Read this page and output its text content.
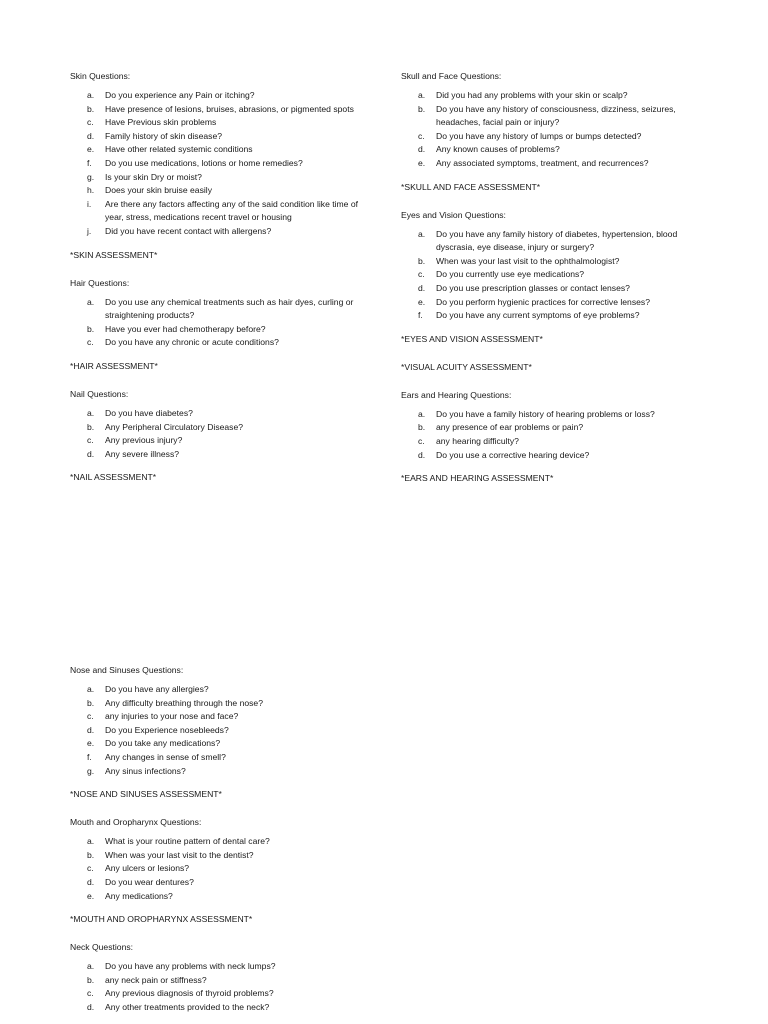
Skin Questions:

a.	Do you experience any Pain or itching?
b.	Have presence of lesions, bruises, abrasions, or pigmented spots
c.	Have Previous skin problems
d.	Family history of skin disease?
e.	Have other related systemic conditions
f.	Do you use medications, lotions or home remedies?
g.	Is your skin Dry or moist?
h.	Does your skin bruise easily
i.	Are there any factors affecting any of the said condition like time of year, stress, medications recent travel or housing
j.	Did you have recent contact with allergens?

*SKIN ASSESSMENT*

Hair Questions:

a.	Do you use any chemical treatments such as hair dyes, curling or straightening products?
b.	Have you ever had chemotherapy before?
c.	Do you have any chronic or acute conditions?

*HAIR ASSESSMENT*

Nail Questions:

a.	Do you have diabetes?
b.	Any Peripheral Circulatory Disease?
c.	Any previous injury?
d.	Any severe illness?

*NAIL ASSESSMENT*

Skull and Face Questions:

a.	Did you had any problems with your skin or scalp?
b.	Do you have any history of consciousness, dizziness, seizures, headaches, facial pain or injury?
c.	Do you have any history of lumps or bumps detected?
d.	Any known causes of problems?
e.	Any associated symptoms, treatment, and recurrences?

*SKULL AND FACE ASSESSMENT*

Eyes and Vision Questions:

a.	Do you have any family history of diabetes, hypertension, blood dyscrasia, eye disease, injury or surgery?
b.	When was your last visit to the ophthalmologist?
c.	Do you currently use eye medications?
d.	Do you use prescription glasses or contact lenses?
e.	Do you perform hygienic practices for corrective lenses?
f.	Do you have any current symptoms of eye problems?

*EYES AND VISION ASSESSMENT*

*VISUAL ACUITY ASSESSMENT*

Ears and Hearing Questions:

a.	Do you have a family history of hearing problems or loss?
b.	any presence of ear problems or pain?
c.	any hearing difficulty?
d.	Do you use a corrective hearing device?

*EARS AND HEARING ASSESSMENT*

Nose and Sinuses Questions:

a.	Do you have any allergies?
b.	Any difficulty breathing through the nose?
c.	any injuries to your nose and face?
d.	Do you Experience nosebleeds?
e.	Do you take any medications?
f.	Any changes in sense of smell?
g.	Any sinus infections?

*NOSE AND SINUSES ASSESSMENT*

Mouth and Oropharynx Questions:

a.	What is your routine pattern of dental care?
b.	When was your last visit to the dentist?
c.	Any ulcers or lesions?
d.	Do you wear dentures?
e.	Any medications?

*MOUTH AND OROPHARYNX ASSESSMENT*

Neck Questions:

a.	Do you have any problems with neck lumps?
b.	any neck pain or stiffness?
c.	Any previous diagnosis of thyroid problems?
d.	Any other treatments provided to the neck?
